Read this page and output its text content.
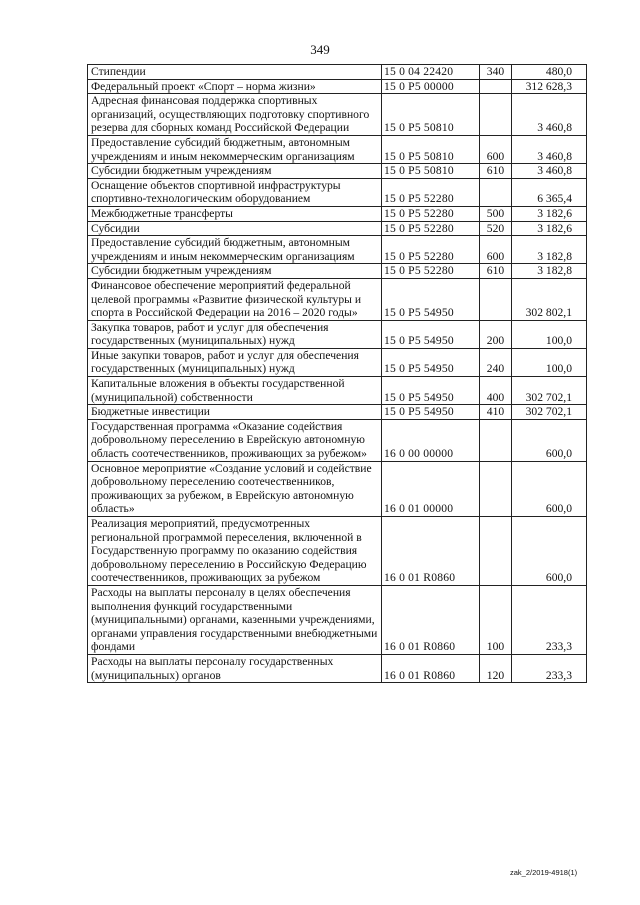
349
Стипендии	15 0 04 22420	340	480,0
Федеральный проект «Спорт – норма жизни»	15 0 Р5 00000		312 628,3
Адресная финансовая поддержка спортивных организаций, осуществляющих подготовку спортивного резерва для сборных команд Российской Федерации	15 0 Р5 50810		3 460,8
Предоставление субсидий бюджетным, автономным учреждениям и иным некоммерческим организациям	15 0 Р5 50810	600	3 460,8
Субсидии бюджетным учреждениям	15 0 Р5 50810	610	3 460,8
Оснащение объектов спортивной инфраструктуры спортивно-технологическим оборудованием	15 0 Р5 52280		6 365,4
Межбюджетные трансферты	15 0 Р5 52280	500	3 182,6
Субсидии	15 0 Р5 52280	520	3 182,6
Предоставление субсидий бюджетным, автономным учреждениям и иным некоммерческим организациям	15 0 Р5 52280	600	3 182,8
Субсидии бюджетным учреждениям	15 0 Р5 52280	610	3 182,8
Финансовое обеспечение мероприятий федеральной целевой программы «Развитие физической культуры и спорта в Российской Федерации на 2016 – 2020 годы»	15 0 Р5 54950		302 802,1
Закупка товаров, работ и услуг для обеспечения государственных (муниципальных) нужд	15 0 Р5 54950	200	100,0
Иные закупки товаров, работ и услуг для обеспечения государственных (муниципальных) нужд	15 0 Р5 54950	240	100,0
Капитальные вложения в объекты государственной (муниципальной) собственности	15 0 Р5 54950	400	302 702,1
Бюджетные инвестиции	15 0 Р5 54950	410	302 702,1
Государственная программа «Оказание содействия добровольному переселению в Еврейскую автономную область соотечественников, проживающих за рубежом»	16 0 00 00000		600,0
Основное мероприятие «Создание условий и содействие добровольному переселению соотечественников, проживающих за рубежом, в Еврейскую автономную область»	16 0 01 00000		600,0
Реализация мероприятий, предусмотренных региональной программой переселения, включенной в Государственную программу по оказанию содействия добровольному переселению в Российскую Федерацию соотечественников, проживающих за рубежом	16 0 01 R0860		600,0
Расходы на выплаты персоналу в целях обеспечения выполнения функций государственными (муниципальными) органами, казенными учреждениями, органами управления государственными внебюджетными фондами	16 0 01 R0860	100	233,3
Расходы на выплаты персоналу государственных (муниципальных) органов	16 0 01 R0860	120	233,3
zak_2/2019-4918(1)
